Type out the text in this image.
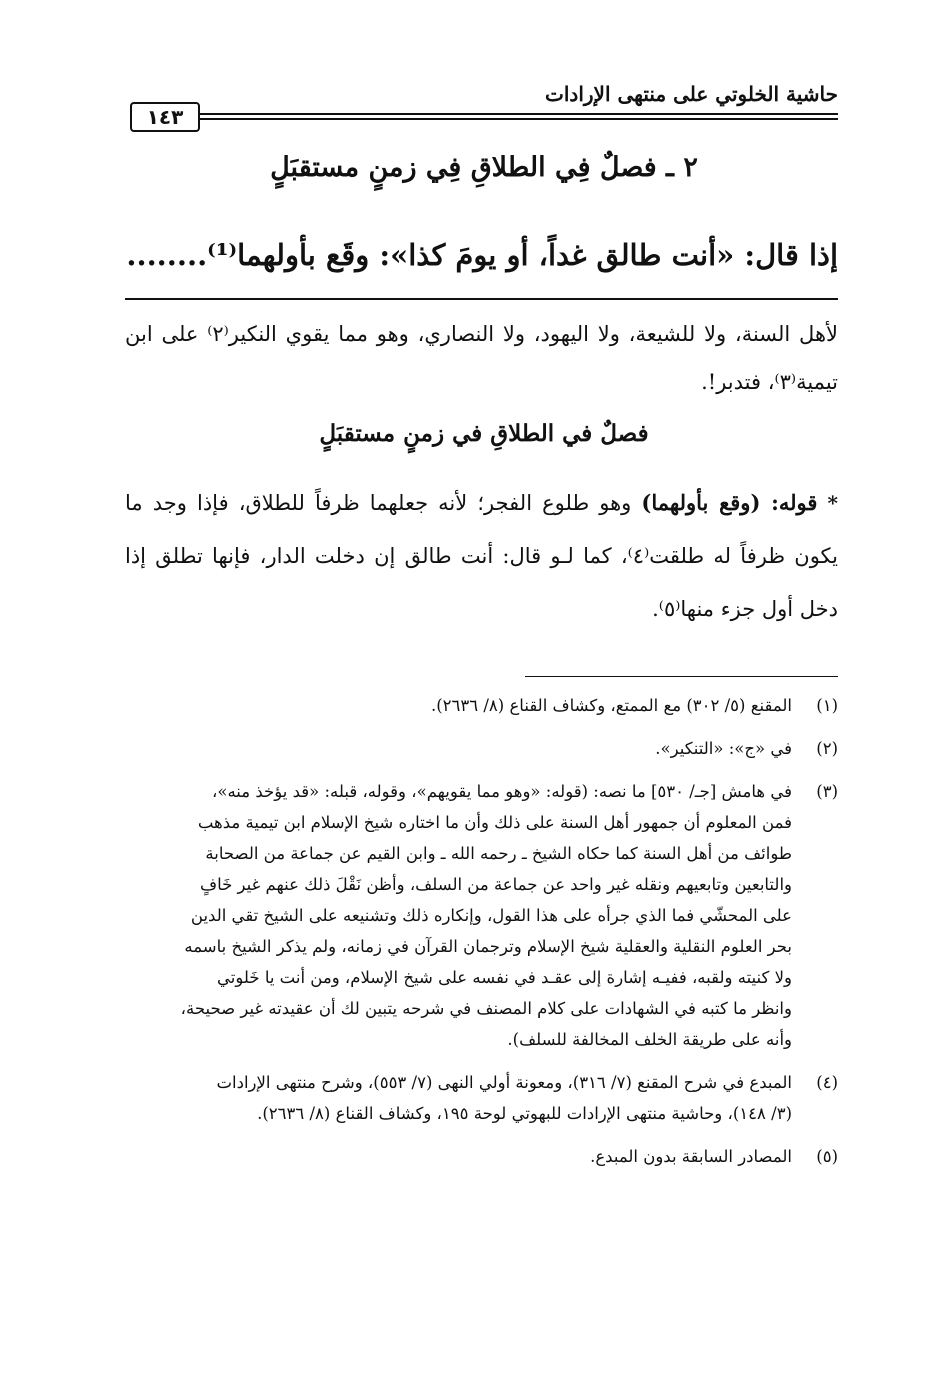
حاشية الخلوتي على منتهى الإرادات
١٤٣
٢ ـ فصلٌ فِي الطلاقِ فِي زمنٍ مستقبَلٍ
إذا قال: «أنت طالق غداً، أو يومَ كذا»: وقَع بأولهما⁽¹⁾........
لأهل السنة، ولا للشيعة، ولا اليهود، ولا النصاري، وهو مما يقوي النكير⁽٢⁾ على ابن تيمية⁽٣⁾، فتدبر!.
فصلٌ في الطلاقِ في زمنٍ مستقبَلٍ
* قوله: (وقع بأولهما) وهو طلوع الفجر؛ لأنه جعلهما ظرفاً للطلاق، فإذا وجد ما يكون ظرفاً له طلقت⁽٤⁾، كما لـو قال: أنت طالق إن دخلت الدار، فإنها تطلق إذا دخل أول جزء منها⁽٥⁾.
(١)
المقنع (٥/ ٣٠٢) مع الممتع، وكشاف القناع (٨/ ٢٦٣٦).
(٢)
في «ج»: «التنكير».
(٣)
في هامش [جـ/ ٥٣٠] ما نصه: (قوله: «وهو مما يقويهم»، وقوله، قبله: «قد يؤخذ منه»،
فمن المعلوم أن جمهور أهل السنة على ذلك وأن ما اختاره شيخ الإسلام ابن تيمية مذهب
طوائف من أهل السنة كما حكاه الشيخ ـ رحمه الله ـ وابن القيم عن جماعة من الصحابة
والتابعين وتابعيهم ونقله غير واحد عن جماعة من السلف، وأظن نَقْلَ ذلك عنهم غير خَافٍ
على المحشّي فما الذي جرأه على هذا القول، وإنكاره ذلك وتشنيعه على الشيخ تقي الدين
بحر العلوم النقلية والعقلية شيخ الإسلام وترجمان القرآن في زمانه، ولم يذكر الشيخ باسمه
ولا كنيته ولقبه، ففيـه إشارة إلى عقـد في نفسه على شيخ الإسلام، ومن أنت يا خَلوتي
وانظر ما كتبه في الشهادات على كلام المصنف في شرحه يتبين لك أن عقيدته غير صحيحة،
وأنه على طريقة الخلف المخالفة للسلف).
(٤)
المبدع في شرح المقنع (٧/ ٣١٦)، ومعونة أولي النهى (٧/ ٥٥٣)، وشرح منتهى الإرادات
(٣/ ١٤٨)، وحاشية منتهى الإرادات للبهوتي لوحة ١٩٥، وكشاف القناع (٨/ ٢٦٣٦).
(٥)
المصادر السابقة بدون المبدع.
